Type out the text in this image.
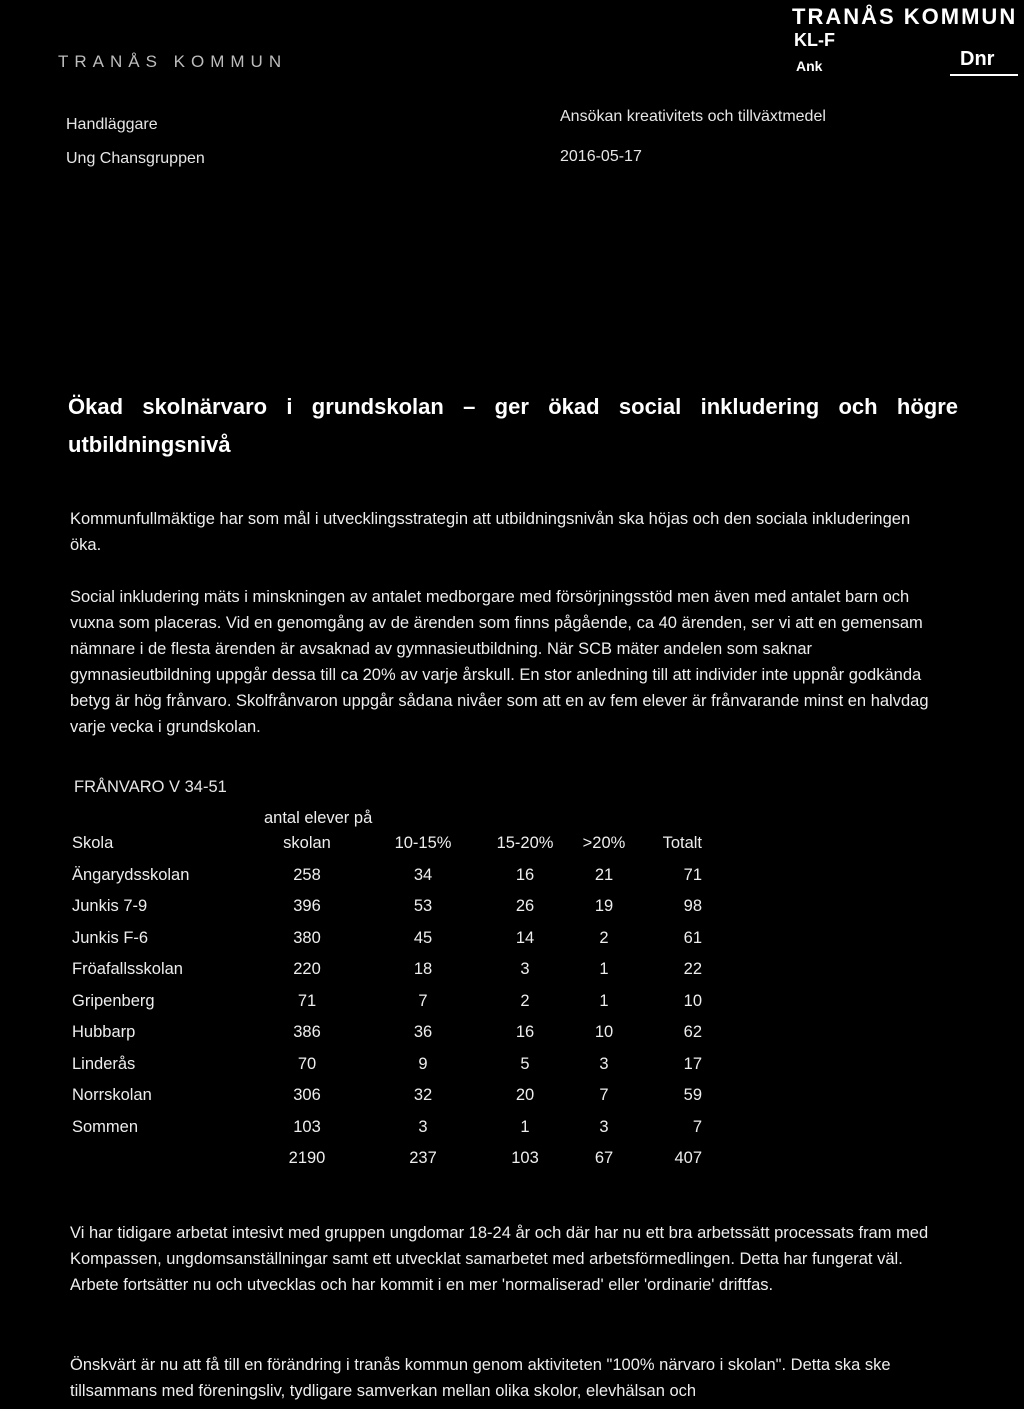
TRANÅS KOMMUN
TRANÅS KOMMUN
KL-F
Ank	Dnr
Handläggare
Ung Chansgruppen
Ansökan kreativitets och tillväxtmedel
2016-05-17
Ökad skolnärvaro i grundskolan – ger ökad social inkludering och högre utbildningsnivå

Kommunfullmäktige har som mål i utvecklingsstrategin att utbildningsnivån ska höjas och den sociala inkluderingen öka.

Social inkludering mäts i minskningen av antalet medborgare med försörjningsstöd men även med antalet barn och vuxna som placeras. Vid en genomgång av de ärenden som finns pågående, ca 40 ärenden, ser vi att en gemensam nämnare i de flesta ärenden är avsaknad av gymnasieutbildning. När SCB mäter andelen som saknar gymnasieutbildning uppgår dessa till ca 20% av varje årskull. En stor anledning till att individer inte uppnår godkända betyg är hög frånvaro. Skolfrånvaron uppgår sådana nivåer som att en av fem elever är frånvarande minst en halvdag varje vecka i grundskolan.

FRÅNVARO V 34-51
	antal elever på				
Skola	skolan	10-15%	15-20%	>20%	Totalt
Ängarydsskolan	258	34	16	21	71
Junkis 7-9	396	53	26	19	98
Junkis F-6	380	45	14	2	61
Fröafallsskolan	220	18	3	1	22
Gripenberg	71	7	2	1	10
Hubbarp	386	36	16	10	62
Linderås	70	9	5	3	17
Norrskolan	306	32	20	7	59
Sommen	103	3	1	3	7
	2190	237	103	67	407

Vi har tidigare arbetat intesivt med gruppen ungdomar 18-24 år och där har nu ett bra arbetssätt processats fram med Kompassen, ungdomsanställningar samt ett utvecklat samarbetet med arbetsförmedlingen. Detta har fungerat väl. Arbete fortsätter nu och utvecklas och har kommit i en mer 'normaliserad' eller 'ordinarie' driftfas.

Önskvärt är nu att få till en förändring i tranås kommun genom aktiviteten "100% närvaro i skolan". Detta ska ske tillsammans med föreningsliv, tydligare samverkan mellan olika skolor, elevhälsan och
